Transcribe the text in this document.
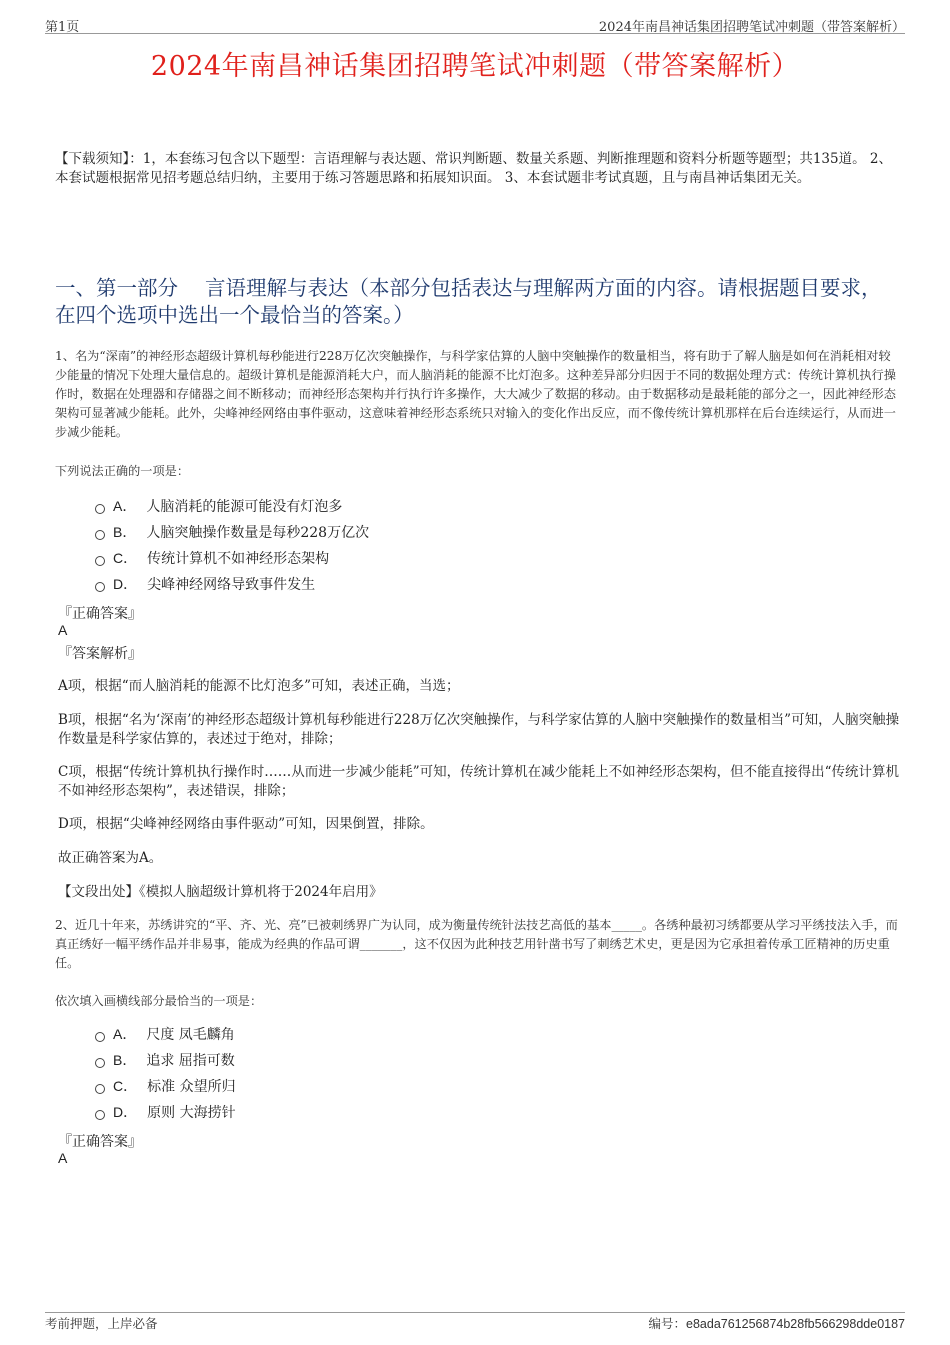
第1页	2024年南昌神话集团招聘笔试冲刺题（带答案解析）
2024年南昌神话集团招聘笔试冲刺题（带答案解析）
【下载须知】：1，本套练习包含以下题型：言语理解与表达题、常识判断题、数量关系题、判断推理题和资料分析题等题型；共135道。 2、本套试题根据常见招考题总结归纳，主要用于练习答题思路和拓展知识面。 3、本套试题非考试真题，且与南昌神话集团无关。
一、第一部分　 言语理解与表达（本部分包括表达与理解两方面的内容。请根据题目要求，在四个选项中选出一个最恰当的答案。）
1、名为“深南”的神经形态超级计算机每秒能进行228万亿次突触操作，与科学家估算的人脑中突触操作的数量相当，将有助于了解人脑是如何在消耗相对较少能量的情况下处理大量信息的。超级计算机是能源消耗大户，而人脑消耗的能源不比灯泡多。这种差异部分归因于不同的数据处理方式：传统计算机执行操作时，数据在处理器和存储器之间不断移动；而神经形态架构并行执行许多操作，大大减少了数据的移动。由于数据移动是最耗能的部分之一，因此神经形态架构可显著减少能耗。此外，尖峰神经网络由事件驱动，这意味着神经形态系统只对输入的变化作出反应，而不像传统计算机那样在后台连续运行，从而进一步减少能耗。
下列说法正确的一项是：
A． 人脑消耗的能源可能没有灯泡多
B． 人脑突触操作数量是每秒228万亿次
C． 传统计算机不如神经形态架构
D． 尖峰神经网络导致事件发生
『正确答案』
A
『答案解析』
A项，根据“而人脑消耗的能源不比灯泡多”可知，表述正确，当选；
B项，根据“名为‘深南’的神经形态超级计算机每秒能进行228万亿次突触操作，与科学家估算的人脑中突触操作的数量相当”可知，人脑突触操作数量是科学家估算的，表述过于绝对，排除；
C项，根据“传统计算机执行操作时……从而进一步减少能耗”可知，传统计算机在减少能耗上不如神经形态架构，但不能直接得出“传统计算机不如神经形态架构”，表述错误，排除；
D项，根据“尖峰神经网络由事件驱动”可知，因果倒置，排除。
故正确答案为A。
【文段出处】《模拟人脑超级计算机将于2024年启用》
2、近几十年来，苏绣讲究的“平、齐、光、亮”已被刺绣界广为认同，成为衡量传统针法技艺高低的基本_____。各绣种最初习绣都要从学习平绣技法入手，而真正绣好一幅平绣作品并非易事，能成为经典的作品可谓_______，这不仅因为此种技艺用针凿书写了刺绣艺术史，更是因为它承担着传承工匠精神的历史重任。
依次填入画横线部分最恰当的一项是：
A． 尺度 凤毛麟角
B． 追求 屈指可数
C． 标准 众望所归
D． 原则 大海捞针
『正确答案』
A
考前押题，上岸必备	编号：e8ada761256874b28fb566298dde0187
